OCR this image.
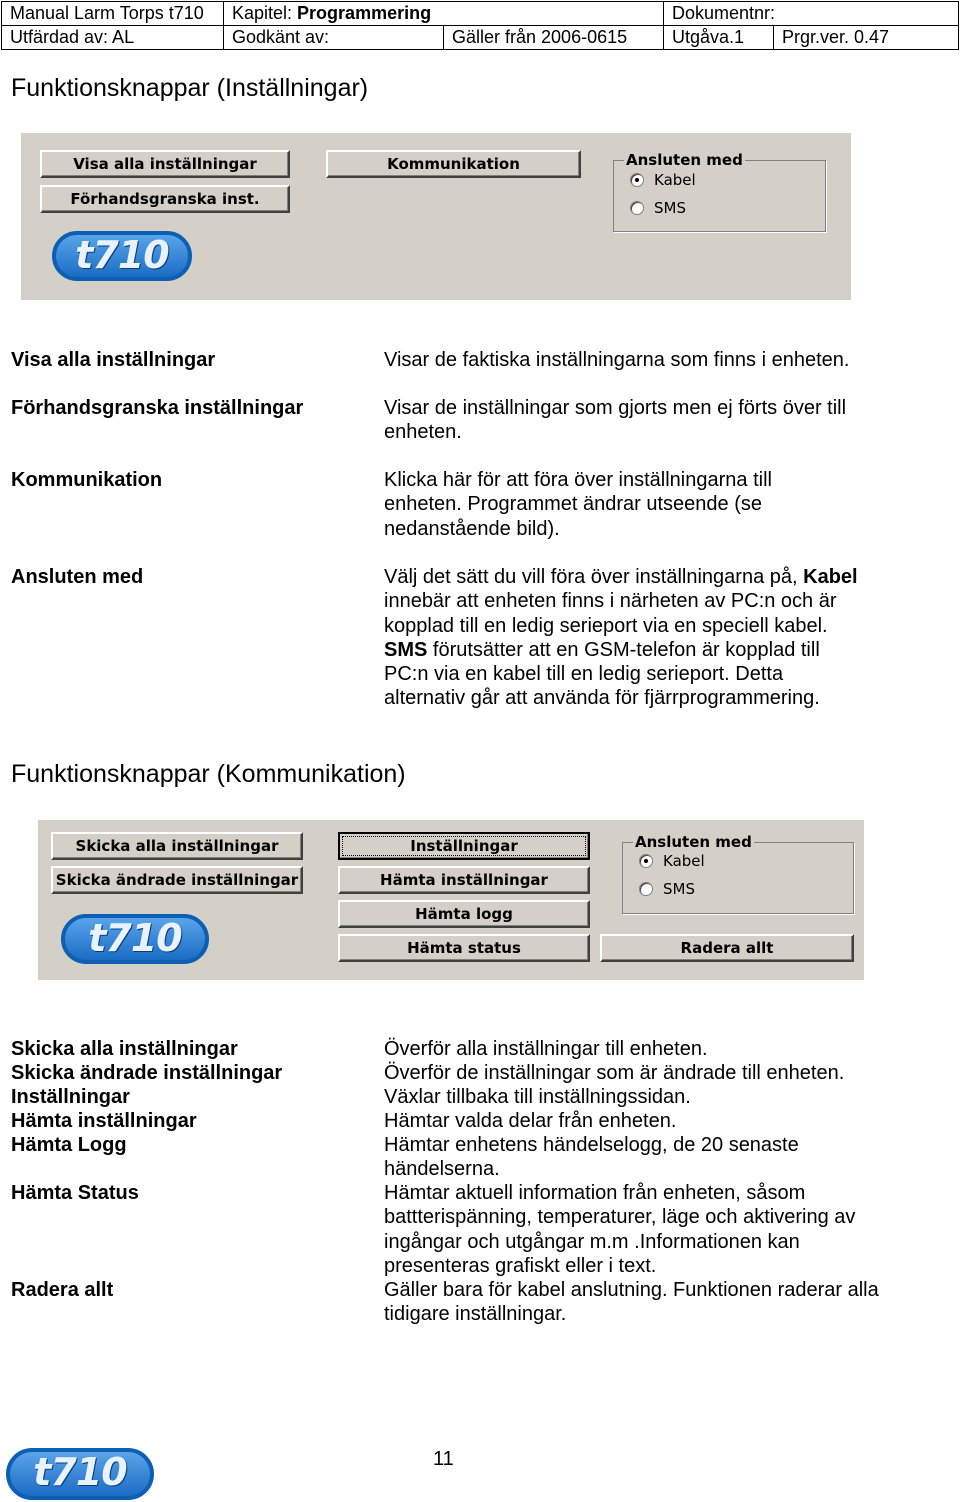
Manual Larm Torps t710	Kapitel: Programmering		Dokumentnr:	
Utfärdad av: AL	Godkänt av:	Gäller från 2006-0615	Utgåva.1	Prgr.ver. 0.47
Funktionsknappar (Inställningar)
Visa alla inställningar
Förhandsgranska inst.
Kommunikation	Ansluten med
Kabel
SMS
t710
Visa alla inställningar	Visar de faktiska inställningarna som finns i enheten.
Förhandsgranska inställningar	Visar de inställningar som gjorts men ej förts över till enheten.
Kommunikation	Klicka här för att föra över inställningarna till enheten. Programmet ändrar utseende (se nedanstående bild).
Ansluten med	Välj det sätt du vill föra över inställningarna på, Kabel innebär att enheten finns i närheten av PC:n och är kopplad till en ledig serieport via en speciell kabel.
SMS förutsätter att en GSM-telefon är kopplad till PC:n via en kabel till en ledig serieport. Detta alternativ går att använda för fjärrprogrammering.
Funktionsknappar (Kommunikation)
Skicka alla inställningar
Skicka ändrade inställningar
Inställningar
Hämta inställningar
Hämta logg
Hämta status	Radera allt
Ansluten med
Kabel
SMS
t710
Skicka alla inställningar	Överför alla inställningar till enheten.
Skicka ändrade inställningar	Överför de inställningar som är ändrade till enheten.
Inställningar	Växlar tillbaka till inställningssidan.
Hämta inställningar	Hämtar valda delar från enheten.
Hämta Logg	Hämtar enhetens händelselogg, de 20 senaste händelserna.
Hämta Status	Hämtar aktuell information från enheten, såsom battterispänning, temperaturer, läge och aktivering av ingångar och utgångar m.m .Informationen kan presenteras grafiskt eller i text.
Radera allt	Gäller bara för kabel anslutning. Funktionen raderar alla tidigare inställningar.
t710	11
